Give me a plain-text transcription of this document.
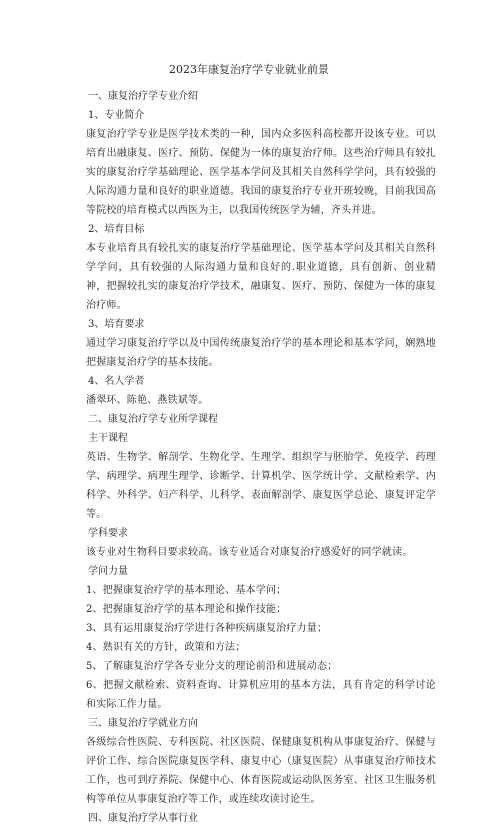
2023年康复治疗学专业就业前景
一、康复治疗学专业介绍
1、专业简介
康复治疗学专业是医学技术类的一种，国内众多医科高校都开设该专业。可以培育出融康复、医疗、预防、保健为一体的康复治疗师。这些治疗师具有较扎实的康复治疗学基础理论、医学基本学问及其相关自然科学学问，具有较强的人际沟通力量和良好的职业道德。我国的康复治疗专业开班较晚，目前我国高等院校的培育模式以西医为主，以我国传统医学为辅，齐头并进。
2、培育目标
本专业培育具有较扎实的康复治疗学基础理论、医学基本学问及其相关自然科学学问，具有较强的人际沟通力量和良好的.职业道德，具有创新、创业精神，把握较扎实的康复治疗学技术，融康复、医疗、预防、保健为一体的康复治疗师。
3、培育要求
通过学习康复治疗学以及中国传统康复治疗学的基本理论和基本学问，娴熟地把握康复治疗学的基本技能。
4、名人学者
潘翠环、陈艳、燕铁斌等。
二、康复治疗学专业所学课程
主干课程
英语、生物学、解剖学、生物化学、生理学、组织学与胚胎学、免疫学、药理学、病理学、病理生理学、诊断学、计算机学、医学统计学、文献检索学、内科学、外科学、妇产科学、儿科学、表面解剖学、康复医学总论、康复评定学等。
学科要求
该专业对生物科目要求较高。该专业适合对康复治疗感爱好的同学就读。
学问力量
1、把握康复治疗学的基本理论、基本学问；
2、把握康复治疗学的基本理论和操作技能；
3、具有运用康复治疗学进行各种疾病康复治疗力量；
4、熟识有关的方针，政策和方法；
5、了解康复治疗学各专业分支的理论前沿和进展动态；
6、把握文献检索、资料查询、计算机应用的基本方法，具有肯定的科学讨论和实际工作力量。
三、康复治疗学就业方向
各级综合性医院、专科医院、社区医院、保健康复机构从事康复治疗、保健与评价工作、综合医院康复医学科、康复中心（康复医院）从事康复治疗师技术工作，也可到疗养院、保健中心、体育医院或运动队医务室、社区卫生服务机构等单位从事康复治疗等工作，或连续攻读讨论生。
四、康复治疗学从事行业
